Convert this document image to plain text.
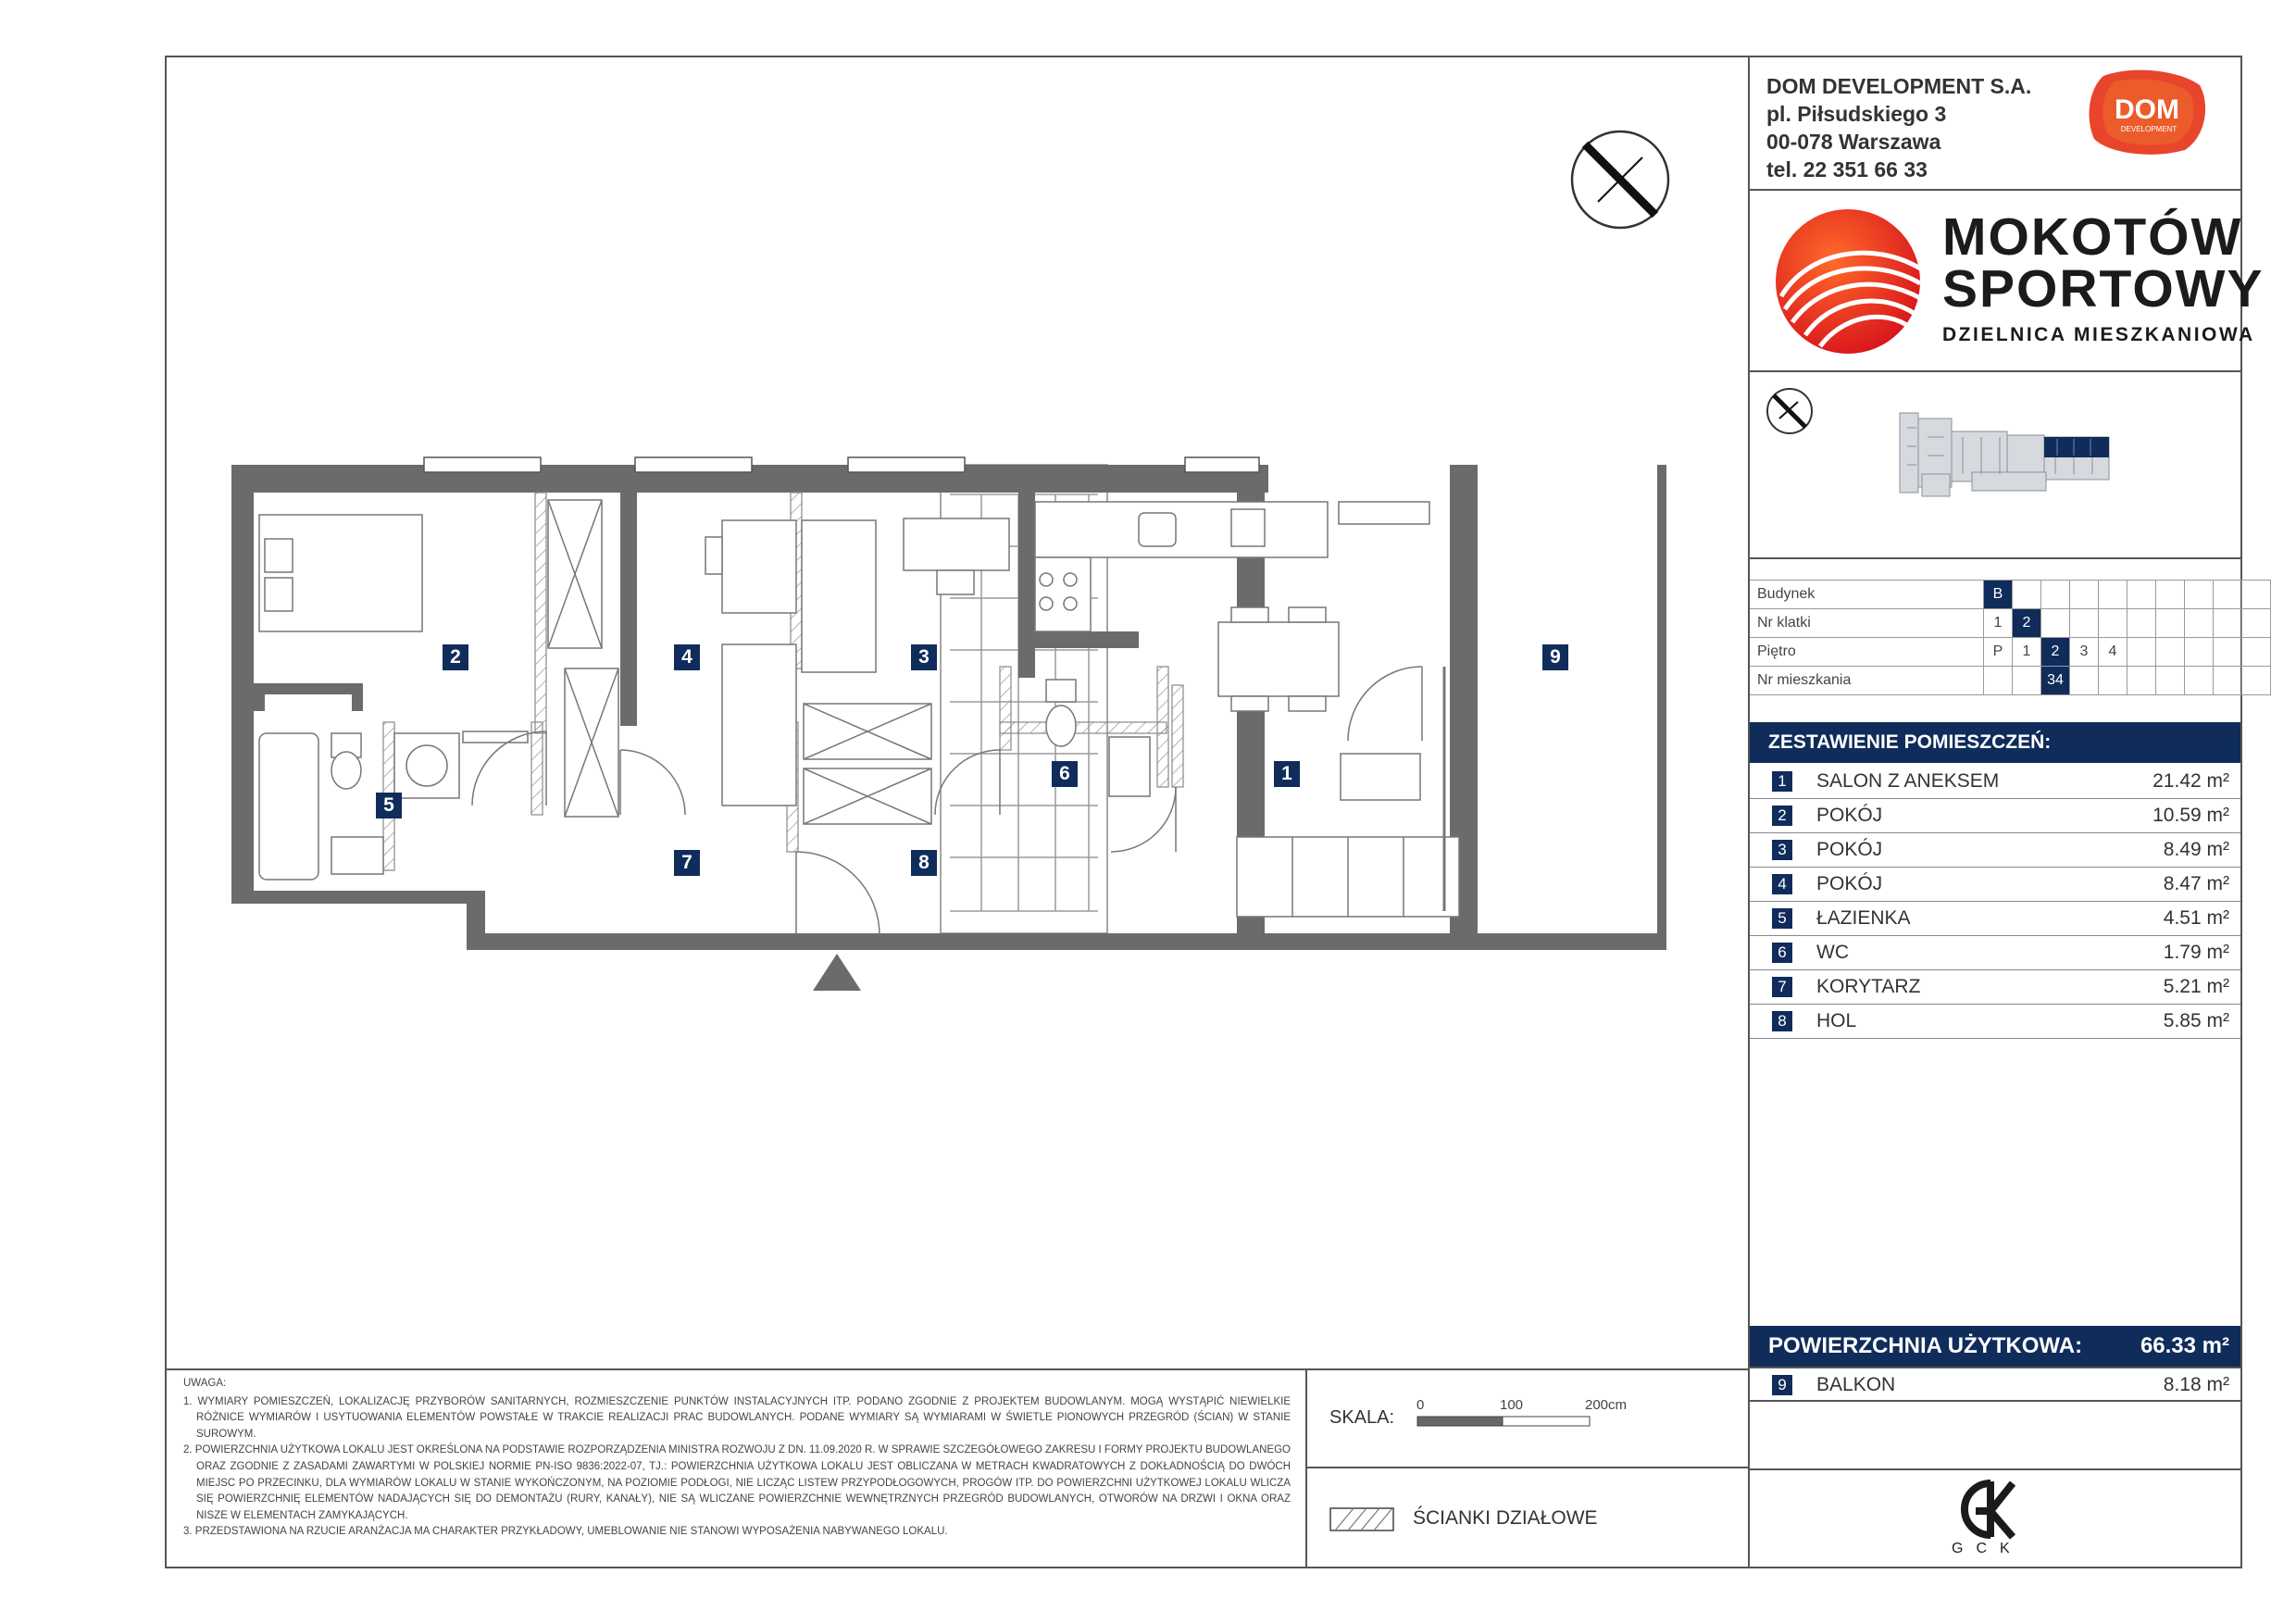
DOM DEVELOPMENT S.A.
pl. Piłsudskiego 3
00-078 Warszawa
tel. 22 351 66 33
DOM
DEVELOPMENT
MOKOTÓW
SPORTOWY
DZIELNICA MIESZKANIOWA
Budynek	B									
Nr klatki	1	2								
Piętro	P	1	2	3	4					
Nr mieszkania			34							
ZESTAWIENIE POMIESZCZEŃ:
1 SALON Z ANEKSEM	21.42 m²
2 POKÓJ	10.59 m²
3 POKÓJ	8.49 m²
4 POKÓJ	8.47 m²
5 ŁAZIENKA	4.51 m²
6 WC	1.79 m²
7 KORYTARZ	5.21 m²
8 HOL	5.85 m²
POWIERZCHNIA UŻYTKOWA:	66.33 m²
9 BALKON	8.18 m²
GCK
UWAGA:

1. WYMIARY POMIESZCZEŃ, LOKALIZACJĘ PRZYBORÓW SANITARNYCH, ROZMIESZCZENIE PUNKTÓW INSTALACYJNYCH ITP. PODANO ZGODNIE Z PROJEKTEM BUDOWLANYM. MOGĄ WYSTĄPIĆ NIEWIELKIE RÓŻNICE WYMIARÓW I USYTUOWANIA ELEMENTÓW POWSTAŁE W TRAKCIE REALIZACJI PRAC BUDOWLANYCH. PODANE WYMIARY SĄ WYMIARAMI W ŚWIETLE PIONOWYCH PRZEGRÓD (ŚCIAN) W STANIE SUROWYM.

2. POWIERZCHNIA UŻYTKOWA LOKALU JEST OKREŚLONA NA PODSTAWIE ROZPORZĄDZENIA MINISTRA ROZWOJU Z DN. 11.09.2020 R. W SPRAWIE SZCZEGÓŁOWEGO ZAKRESU I FORMY PROJEKTU BUDOWLANEGO ORAZ ZGODNIE Z ZASADAMI ZAWARTYMI W POLSKIEJ NORMIE PN-ISO 9836:2022-07, TJ.: POWIERZCHNIA UŻYTKOWA LOKALU JEST OBLICZANA W METRACH KWADRATOWYCH Z DOKŁADNOŚCIĄ DO DWÓCH MIEJSC PO PRZECINKU, DLA WYMIARÓW LOKALU W STANIE WYKOŃCZONYM, NA POZIOMIE PODŁOGI, NIE LICZĄC LISTEW PRZYPODŁOGOWYCH, PROGÓW ITP. DO POWIERZCHNI UŻYTKOWEJ LOKALU WLICZA SIĘ POWIERZCHNIĘ ELEMENTÓW NADAJĄCYCH SIĘ DO DEMONTAŻU (RURY, KANAŁY), NIE SĄ WLICZANE POWIERZCHNIE WEWNĘTRZNYCH PRZEGRÓD BUDOWLANYCH, OTWORÓW NA DRZWI I OKNA ORAZ NISZE W ELEMENTACH ZAMYKAJĄCYCH.

3. PRZEDSTAWIONA NA RZUCIE ARANŻACJA MA CHARAKTER PRZYKŁADOWY, UMEBLOWANIE NIE STANOWI WYPOSAŻENIA NABYWANEGO LOKALU.

SKALA:
0	100	200cm
ŚCIANKI DZIAŁOWE
1
2	3
4
5
6
7	8
9
